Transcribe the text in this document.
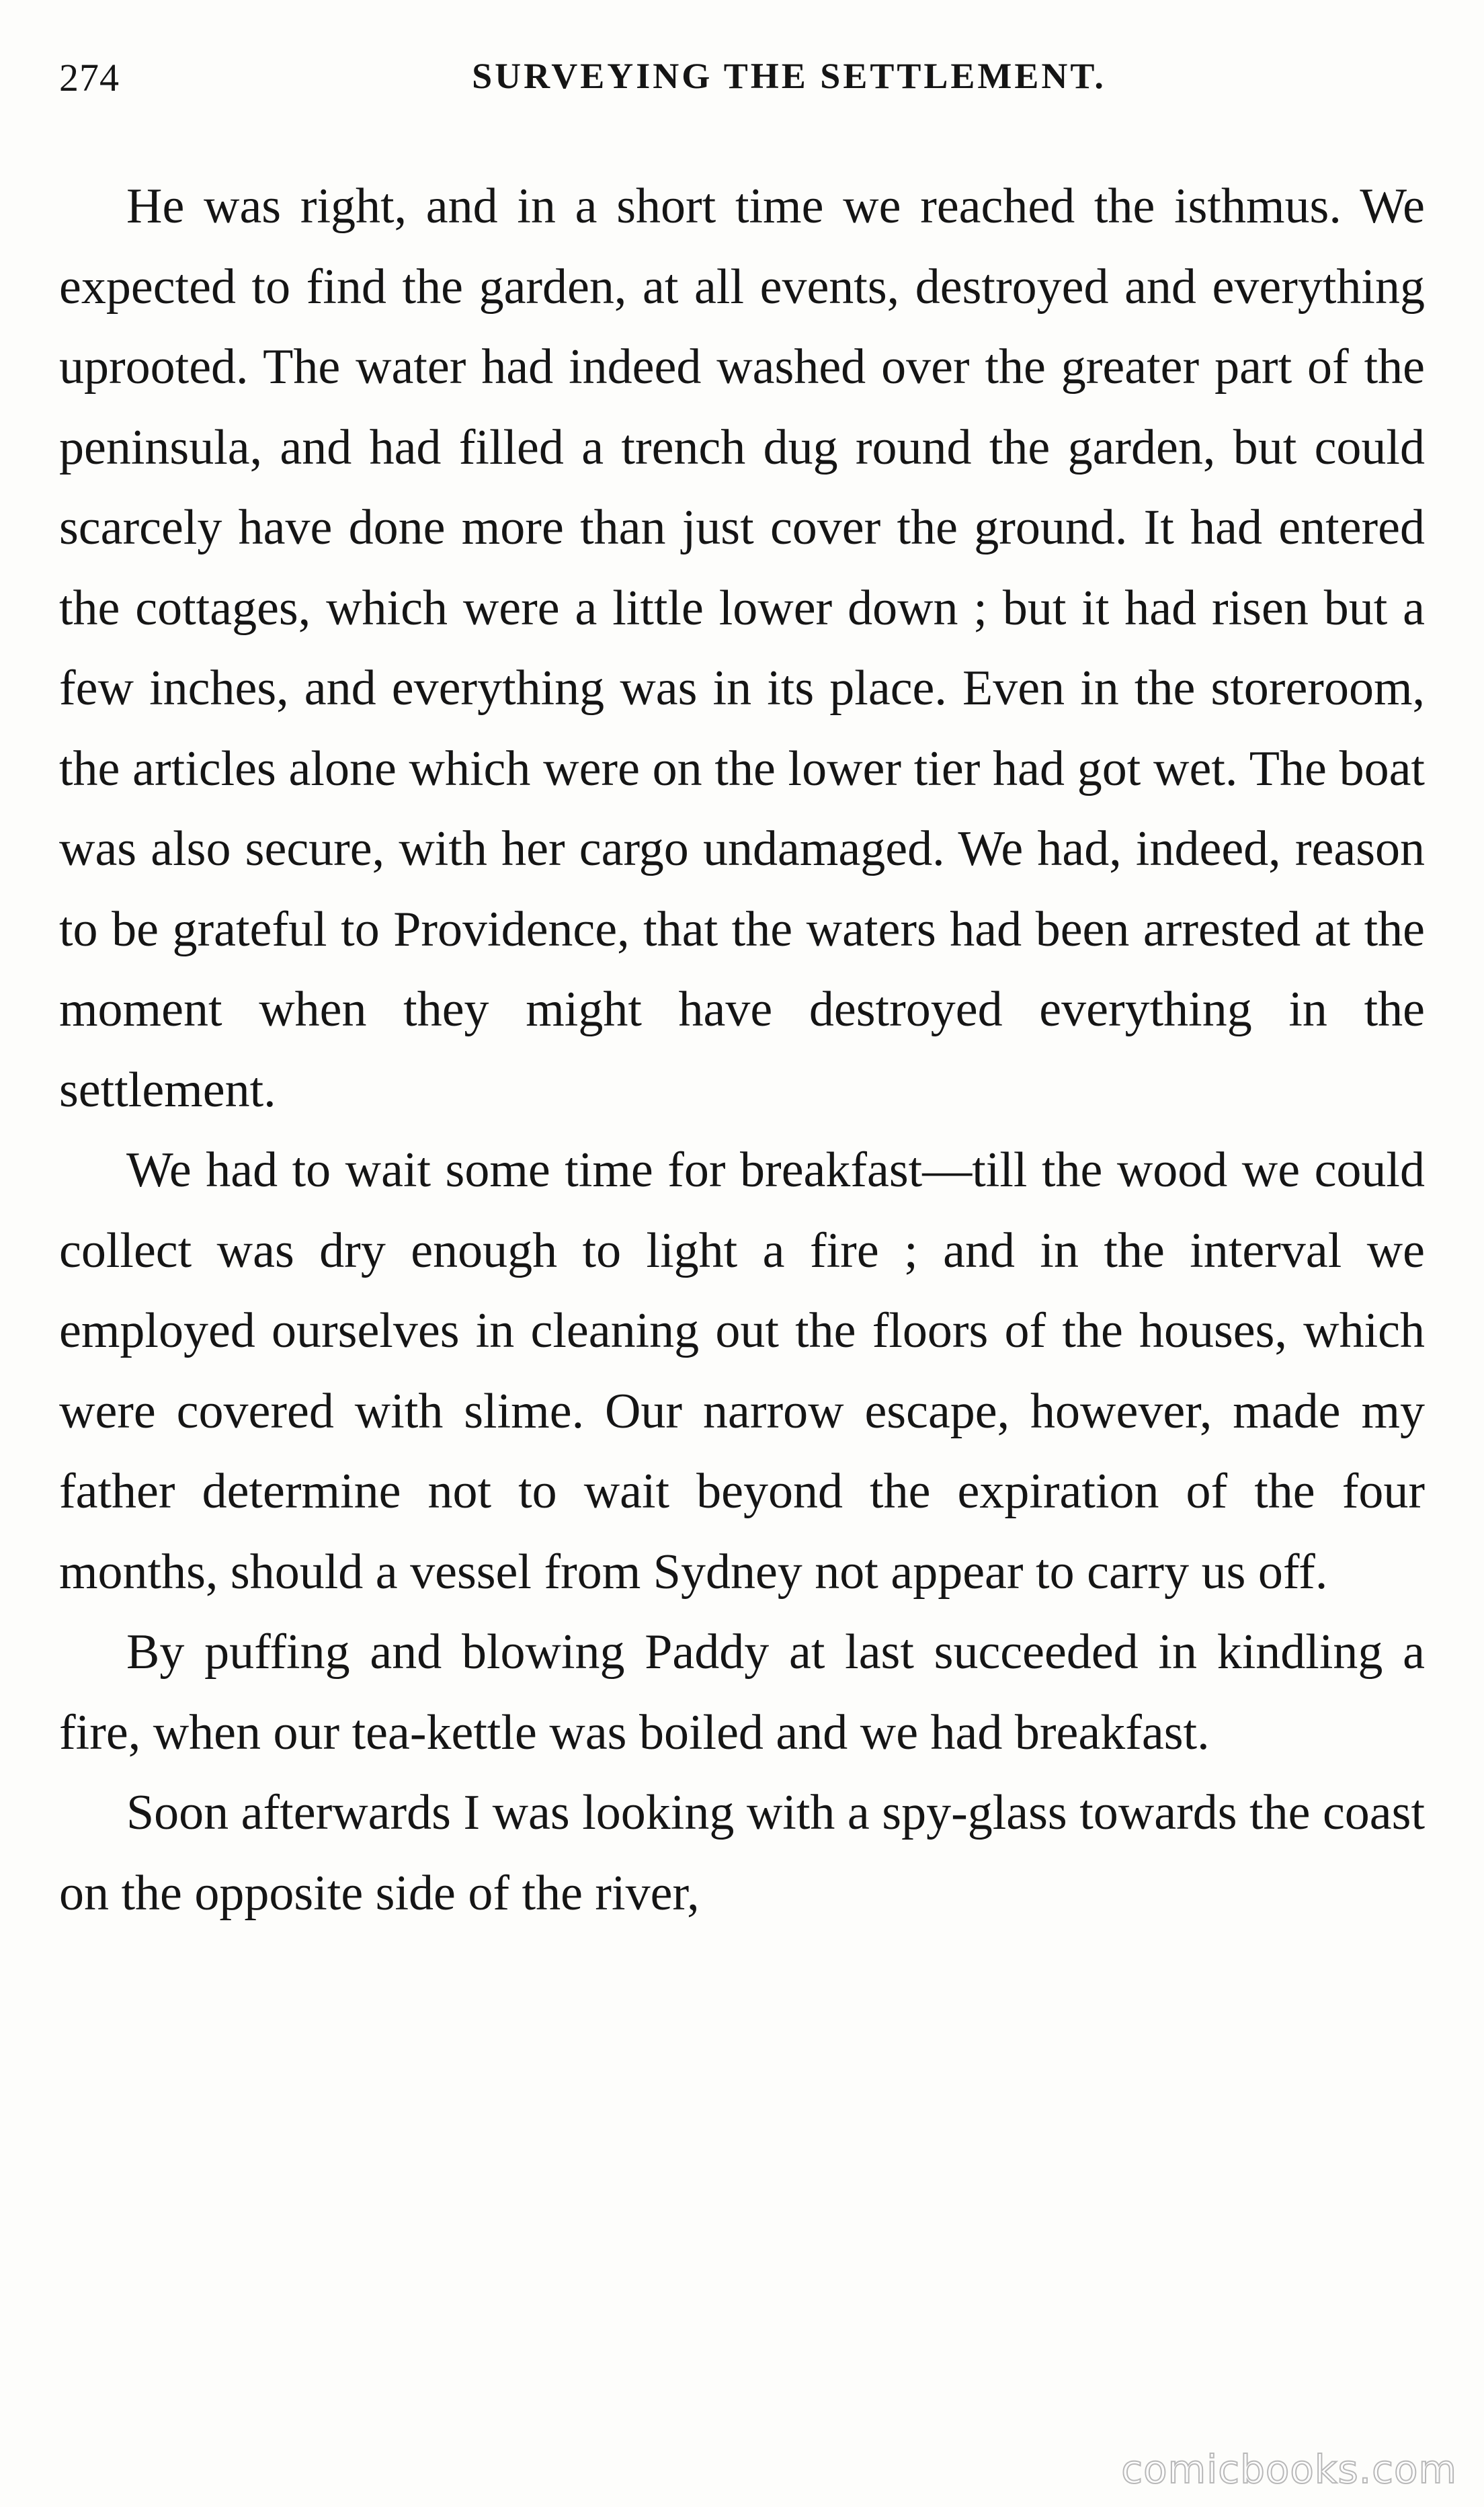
274	SURVEYING THE SETTLEMENT.

He was right, and in a short time we reached the isthmus. We expected to find the garden, at all events, destroyed and everything uprooted. The water had indeed washed over the greater part of the peninsula, and had filled a trench dug round the garden, but could scarcely have done more than just cover the ground. It had entered the cottages, which were a little lower down ; but it had risen but a few inches, and everything was in its place. Even in the storeroom, the articles alone which were on the lower tier had got wet. The boat was also secure, with her cargo undamaged. We had, indeed, reason to be grateful to Providence, that the waters had been arrested at the moment when they might have destroyed everything in the settlement.

We had to wait some time for breakfast—till the wood we could collect was dry enough to light a fire ; and in the interval we employed ourselves in cleaning out the floors of the houses, which were covered with slime. Our narrow escape, however, made my father determine not to wait beyond the expiration of the four months, should a vessel from Sydney not appear to carry us off.

By puffing and blowing Paddy at last succeeded in kindling a fire, when our tea-kettle was boiled and we had breakfast.

Soon afterwards I was looking with a spy-glass towards the coast on the opposite side of the river,

comicbooks.com
